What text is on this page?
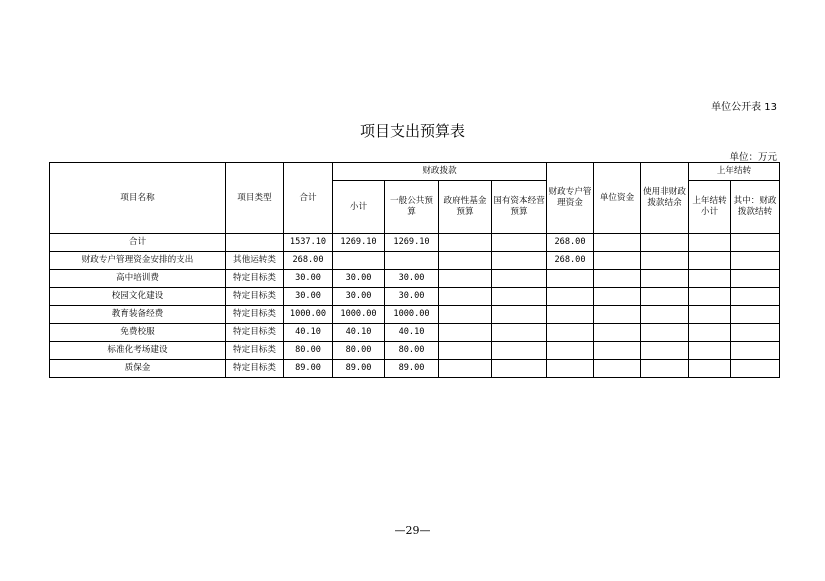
单位公开表 13
项目支出预算表
单位：万元
项目名称	项目类型	合计	财政拨款				财政专户管理资金	单位资金	使用非财政拨款结余	上年结转	
			小计	一般公共预算	政府性基金预算	国有资本经营预算				上年结转小计	其中：财政拨款结转

合计		1537.10	1269.10	1269.10			268.00				
财政专户管理资金安排的支出	其他运转类	268.00					268.00				
高中培训费	特定目标类	30.00	30.00	30.00							
校园文化建设	特定目标类	30.00	30.00	30.00							
教育装备经费	特定目标类	1000.00	1000.00	1000.00							
免费校服	特定目标类	40.10	40.10	40.10							
标准化考场建设	特定目标类	80.00	80.00	80.00							
质保金	特定目标类	89.00	89.00	89.00							
—29—
